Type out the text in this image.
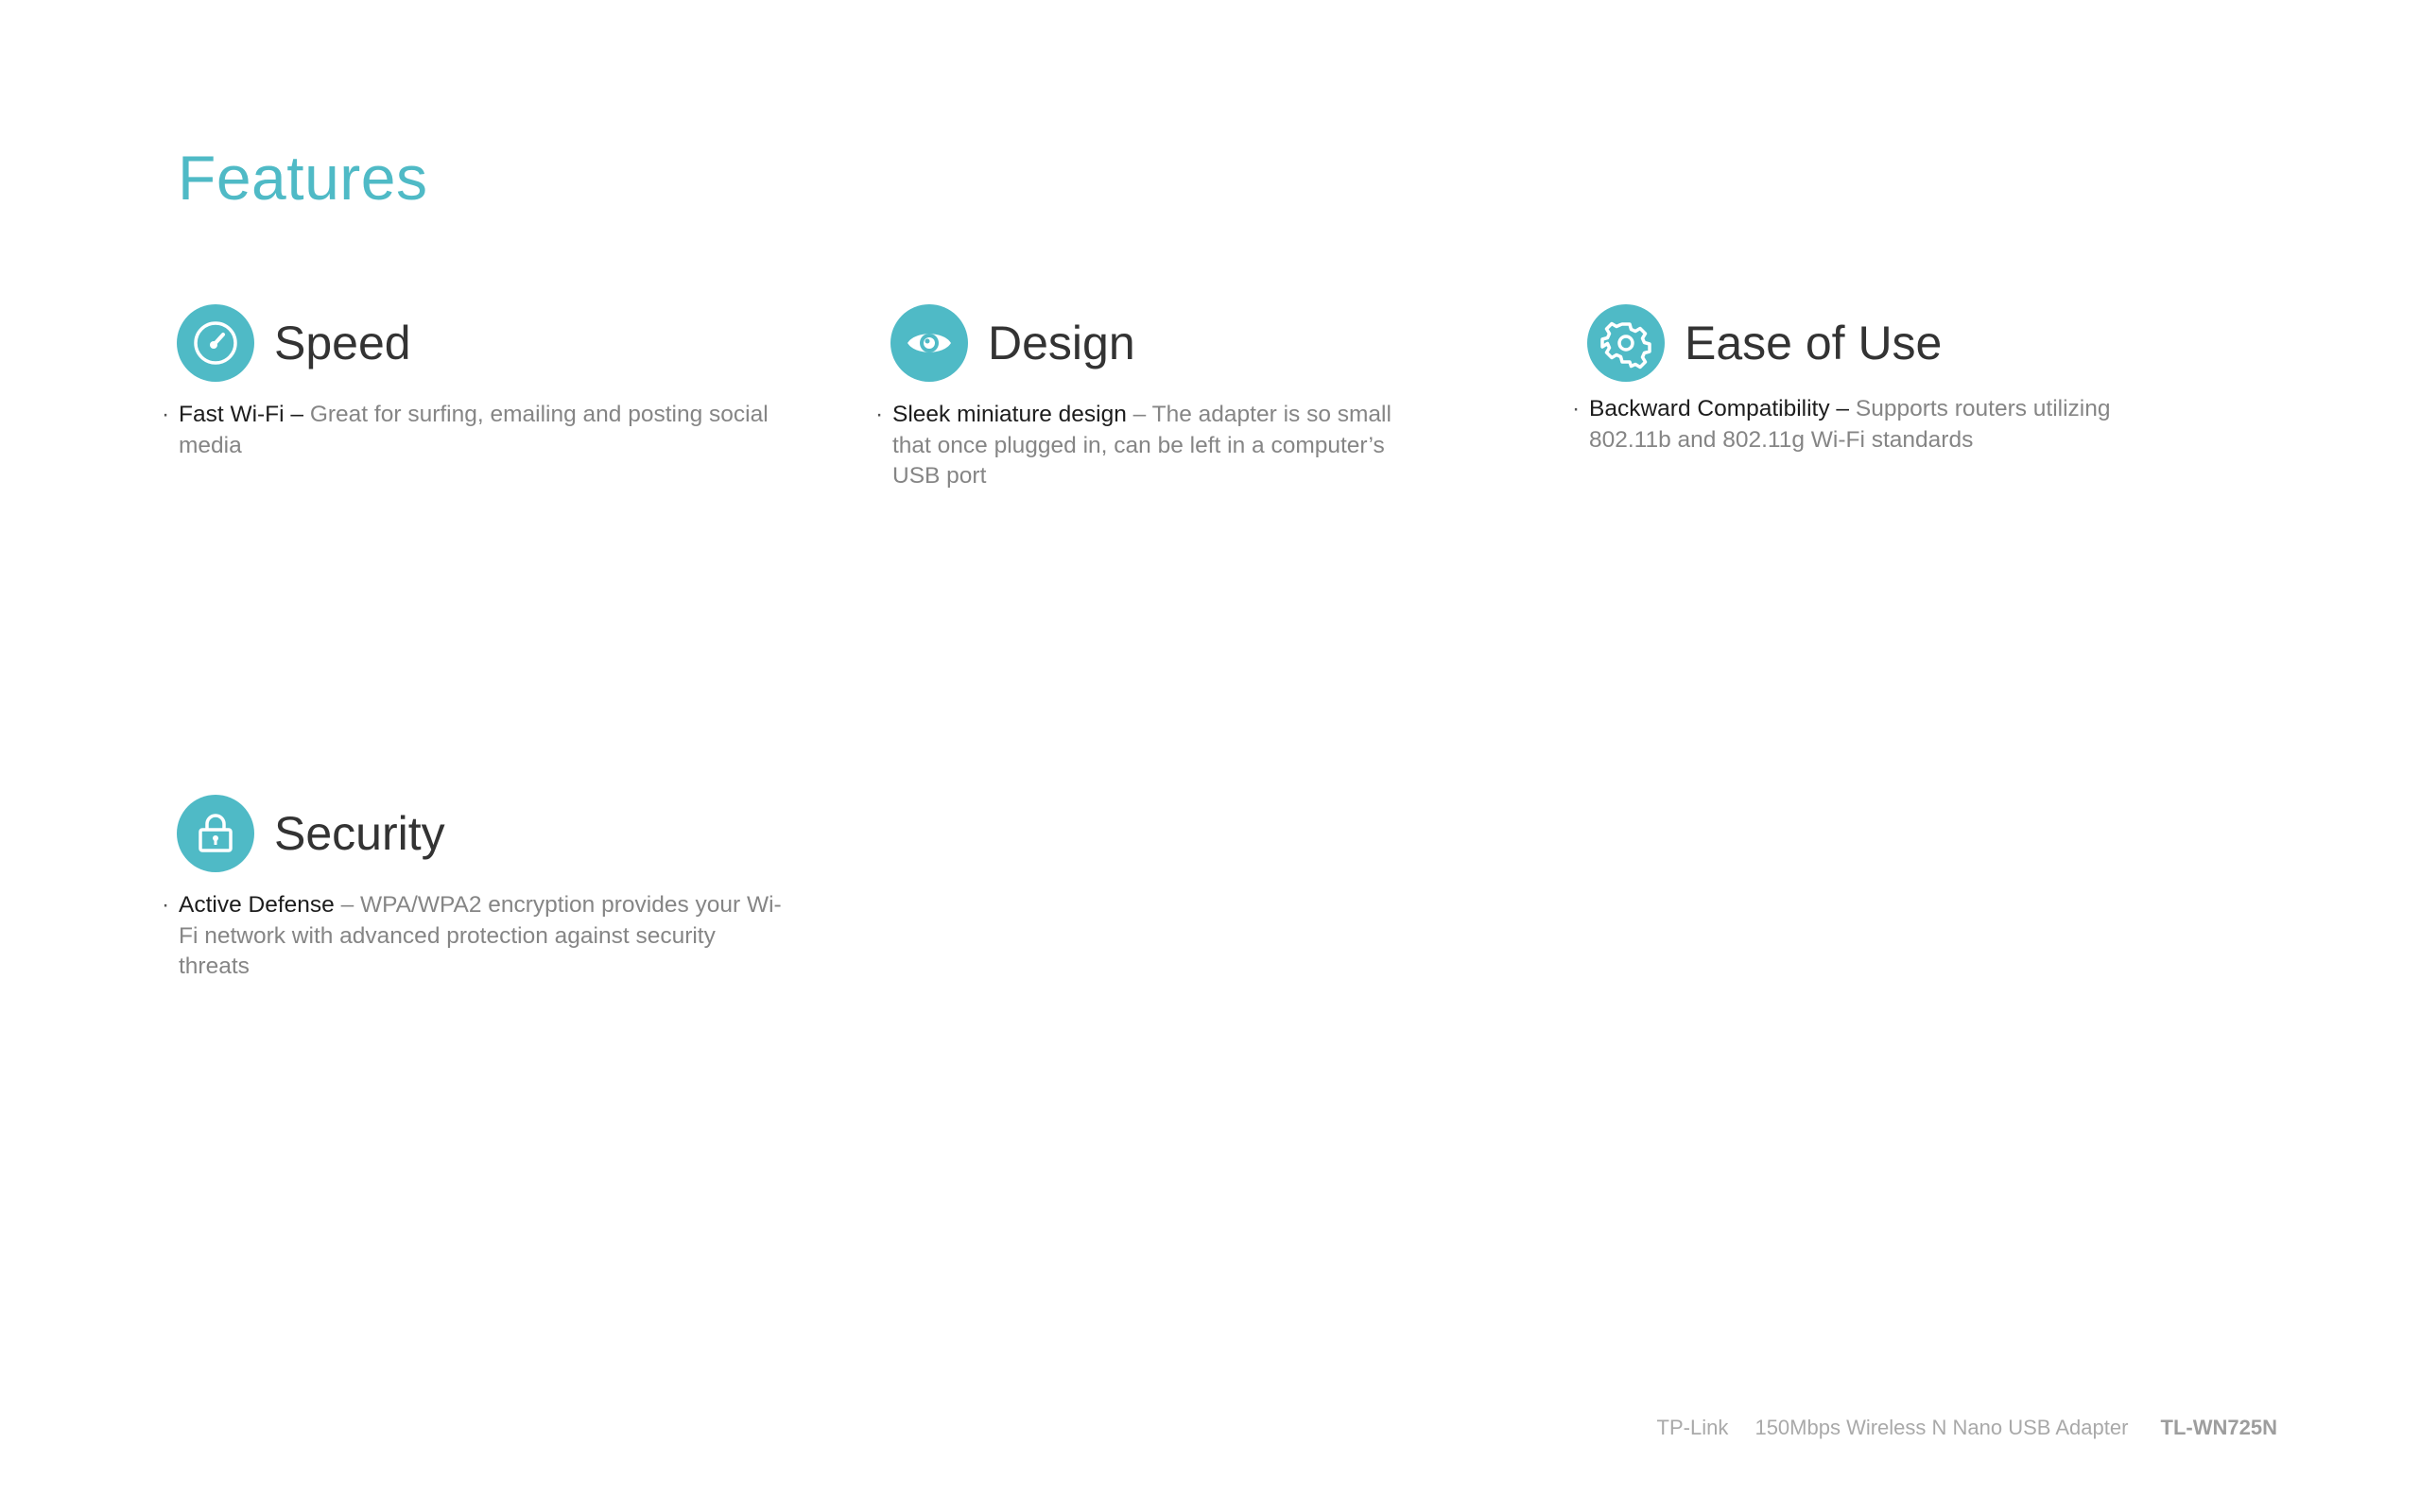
Features
Speed

· Fast Wi-Fi – Great for surfing, emailing and posting social media

Design

· Sleek miniature design – The adapter is so small that once plugged in, can be left in a computer’s USB port

Ease of Use

· Backward Compatibility – Supports routers utilizing 802.11b and 802.11g Wi-Fi standards

Security

· Active Defense – WPA/WPA2 encryption provides your Wi-Fi network with advanced protection against security threats

TP-Link 150Mbps Wireless N Nano USB Adapter TL-WN725N
